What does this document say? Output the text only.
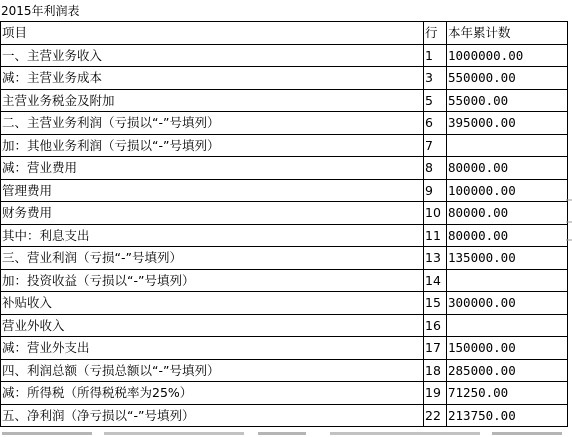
2015年利润表
项目	行	本年累计数
一、主营业务收入	1	1000000.00
减：主营业务成本	3	550000.00
主营业务税金及附加	5	55000.00
二、主营业务利润（亏损以“-”号填列）	6	395000.00
加：其他业务利润（亏损以“-”号填列）	7	
减：营业费用	8	80000.00
管理费用	9	100000.00
财务费用	10	80000.00
其中：利息支出	11	80000.00
三、营业利润（亏损“-”号填列）	13	135000.00
加：投资收益（亏损以“-”号填列）	14	
补贴收入	15	300000.00
营业外收入	16	
减：营业外支出	17	150000.00
四、利润总额（亏损总额以“-”号填列）	18	285000.00
减：所得税（所得税税率为25%）	19	71250.00
五、净利润（净亏损以“-”号填列）	22	213750.00
